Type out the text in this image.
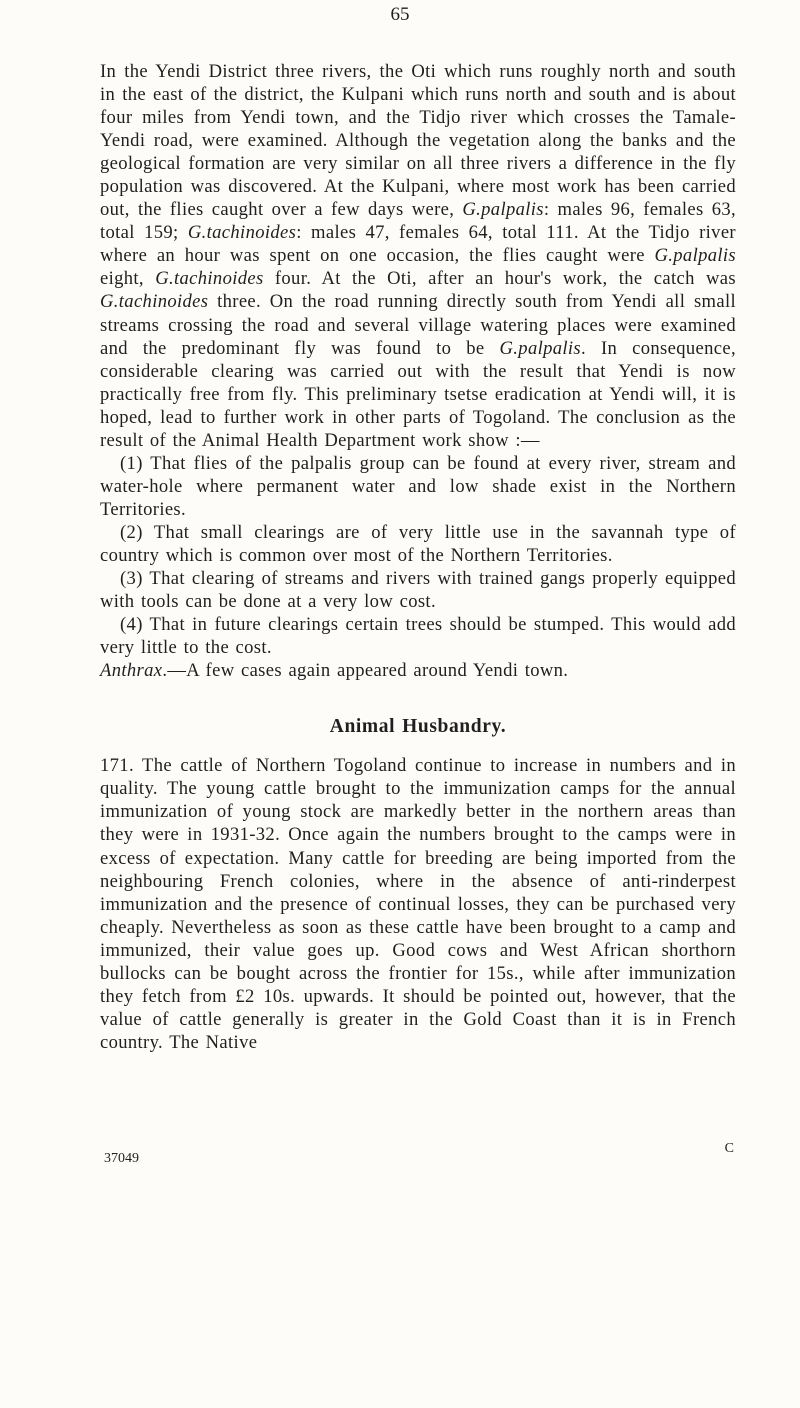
65

In the Yendi District three rivers, the Oti which runs roughly north and south in the east of the district, the Kulpani which runs north and south and is about four miles from Yendi town, and the Tidjo river which crosses the Tamale-Yendi road, were examined. Although the vegetation along the banks and the geological formation are very similar on all three rivers a difference in the fly population was discovered. At the Kulpani, where most work has been carried out, the flies caught over a few days were, G.palpalis: males 96, females 63, total 159; G.tachinoides: males 47, females 64, total 111. At the Tidjo river where an hour was spent on one occasion, the flies caught were G.palpalis eight, G.tachinoides four. At the Oti, after an hour's work, the catch was G.tachinoides three. On the road running directly south from Yendi all small streams crossing the road and several village watering places were examined and the predominant fly was found to be G.palpalis. In consequence, considerable clearing was carried out with the result that Yendi is now practically free from fly. This preliminary tsetse eradication at Yendi will, it is hoped, lead to further work in other parts of Togoland. The conclusion as the result of the Animal Health Department work show :—

(1) That flies of the palpalis group can be found at every river, stream and water-hole where permanent water and low shade exist in the Northern Territories.

(2) That small clearings are of very little use in the savannah type of country which is common over most of the Northern Territories.

(3) That clearing of streams and rivers with trained gangs properly equipped with tools can be done at a very low cost.

(4) That in future clearings certain trees should be stumped. This would add very little to the cost.

Anthrax.—A few cases again appeared around Yendi town.

Animal Husbandry.

171. The cattle of Northern Togoland continue to increase in numbers and in quality. The young cattle brought to the immunization camps for the annual immunization of young stock are markedly better in the northern areas than they were in 1931-32. Once again the numbers brought to the camps were in excess of expectation. Many cattle for breeding are being imported from the neighbouring French colonies, where in the absence of anti-rinderpest immunization and the presence of continual losses, they can be purchased very cheaply. Nevertheless as soon as these cattle have been brought to a camp and immunized, their value goes up. Good cows and West African shorthorn bullocks can be bought across the frontier for 15s., while after immunization they fetch from £2 10s. upwards. It should be pointed out, however, that the value of cattle generally is greater in the Gold Coast than it is in French country. The Native

37049
C
